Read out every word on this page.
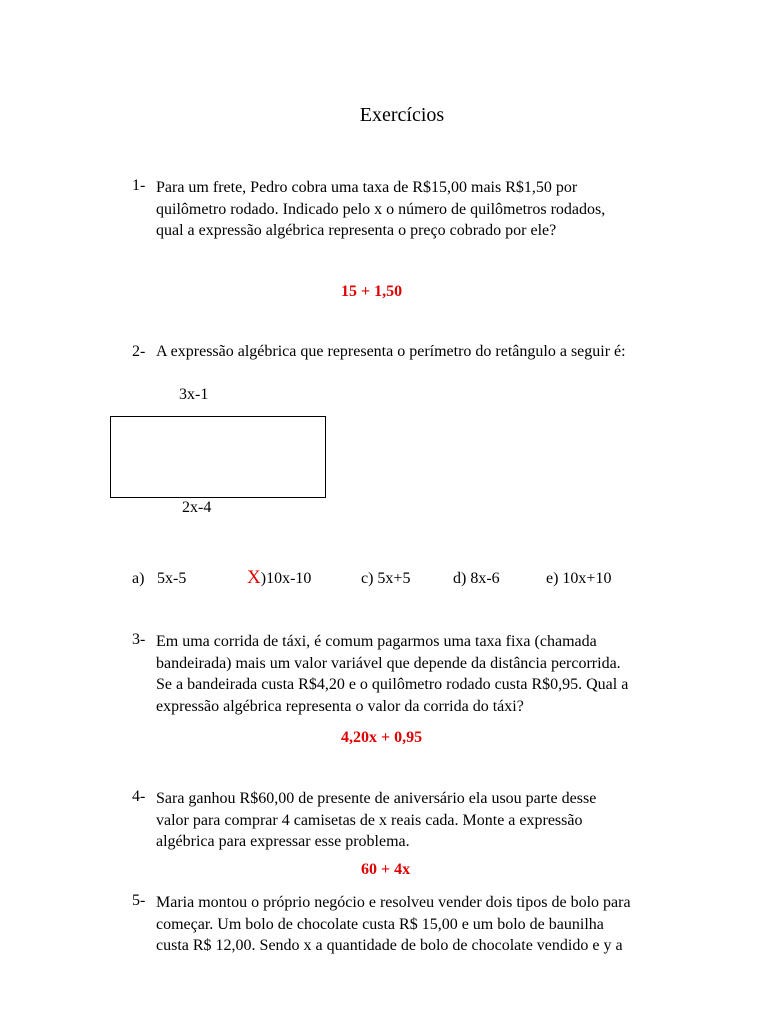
Exercícios
1- Para um frete, Pedro cobra uma taxa de R$15,00 mais R$1,50 por
quilômetro rodado. Indicado pelo x o número de quilômetros rodados,
qual a expressão algébrica representa o preço cobrado por ele?
15 + 1,50
2- A expressão algébrica que representa o perímetro do retângulo a seguir é:
3x-1
2x-4
a) 5x-5	X)10x-10	c) 5x+5	d) 8x-6	e) 10x+10
3- Em uma corrida de táxi, é comum pagarmos uma taxa fixa (chamada
bandeirada) mais um valor variável que depende da distância percorrida.
Se a bandeirada custa R$4,20 e o quilômetro rodado custa R$0,95. Qual a
expressão algébrica representa o valor da corrida do táxi?
4,20x + 0,95
4- Sara ganhou R$60,00 de presente de aniversário ela usou parte desse
valor para comprar 4 camisetas de x reais cada. Monte a expressão
algébrica para expressar esse problema.
60 + 4x
5- Maria montou o próprio negócio e resolveu vender dois tipos de bolo para
começar. Um bolo de chocolate custa R$ 15,00 e um bolo de baunilha
custa R$ 12,00. Sendo x a quantidade de bolo de chocolate vendido e y a
